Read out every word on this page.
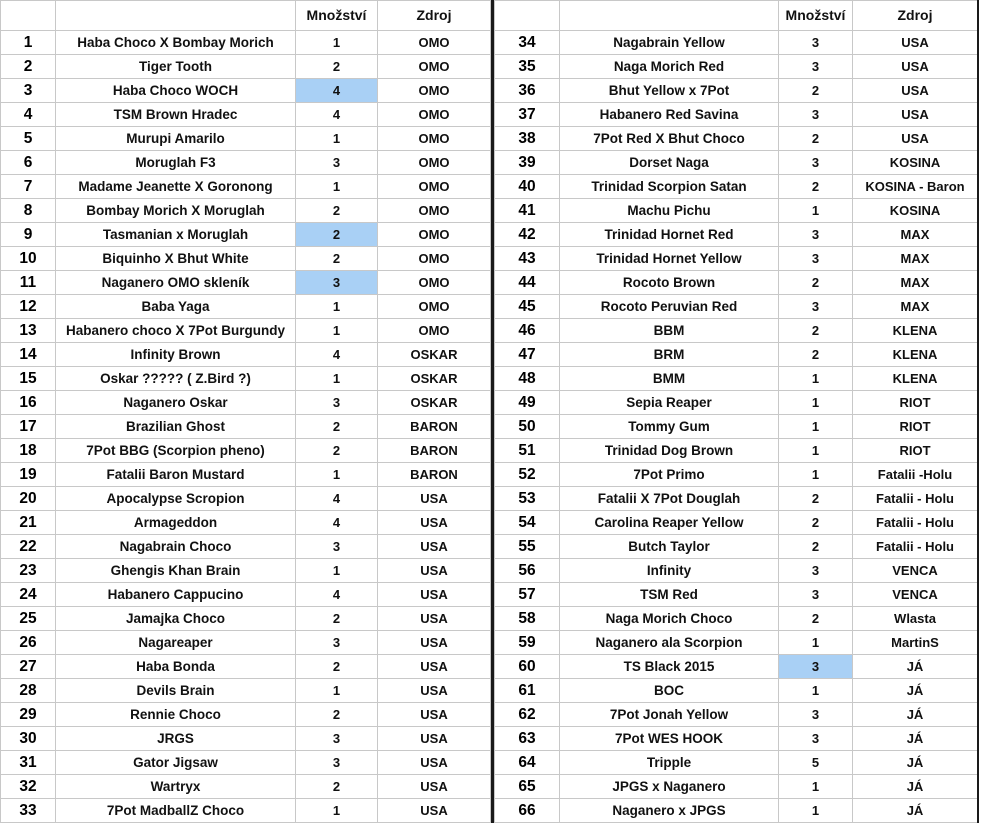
		Množství	Zdroj
1	Haba Choco X Bombay Morich	1	OMO
2	Tiger Tooth	2	OMO
3	Haba Choco WOCH	4	OMO
4	TSM Brown Hradec	4	OMO
5	Murupi Amarilo	1	OMO
6	Moruglah F3	3	OMO
7	Madame Jeanette X Goronong	1	OMO
8	Bombay Morich X Moruglah	2	OMO
9	Tasmanian x Moruglah	2	OMO
10	Biquinho X Bhut White	2	OMO
11	Naganero OMO skleník	3	OMO
12	Baba Yaga	1	OMO
13	Habanero choco X 7Pot Burgundy	1	OMO
14	Infinity Brown	4	OSKAR
15	Oskar ????? ( Z.Bird ?)	1	OSKAR
16	Naganero Oskar	3	OSKAR
17	Brazilian Ghost	2	BARON
18	7Pot BBG (Scorpion pheno)	2	BARON
19	Fatalii Baron Mustard	1	BARON
20	Apocalypse Scropion	4	USA
21	Armageddon	4	USA
22	Nagabrain Choco	3	USA
23	Ghengis Khan Brain	1	USA
24	Habanero Cappucino	4	USA
25	Jamajka Choco	2	USA
26	Nagareaper	3	USA
27	Haba Bonda	2	USA
28	Devils Brain	1	USA
29	Rennie Choco	2	USA
30	JRGS	3	USA
31	Gator Jigsaw	3	USA
32	Wartryx	2	USA
33	7Pot MadballZ Choco	1	USA
		Množství	Zdroj
34	Nagabrain Yellow	3	USA
35	Naga Morich Red	3	USA
36	Bhut Yellow x 7Pot	2	USA
37	Habanero Red Savina	3	USA
38	7Pot Red X Bhut Choco	2	USA
39	Dorset Naga	3	KOSINA
40	Trinidad Scorpion Satan	2	KOSINA - Baron
41	Machu Pichu	1	KOSINA
42	Trinidad Hornet Red	3	MAX
43	Trinidad Hornet Yellow	3	MAX
44	Rocoto Brown	2	MAX
45	Rocoto Peruvian Red	3	MAX
46	BBM	2	KLENA
47	BRM	2	KLENA
48	BMM	1	KLENA
49	Sepia Reaper	1	RIOT
50	Tommy Gum	1	RIOT
51	Trinidad Dog Brown	1	RIOT
52	7Pot Primo	1	Fatalii -Holu
53	Fatalii X 7Pot Douglah	2	Fatalii - Holu
54	Carolina Reaper Yellow	2	Fatalii - Holu
55	Butch Taylor	2	Fatalii - Holu
56	Infinity	3	VENCA
57	TSM Red	3	VENCA
58	Naga Morich Choco	2	Wlasta
59	Naganero ala Scorpion	1	MartinS
60	TS Black 2015	3	JÁ
61	BOC	1	JÁ
62	7Pot Jonah Yellow	3	JÁ
63	7Pot WES HOOK	3	JÁ
64	Tripple	5	JÁ
65	JPGS x Naganero	1	JÁ
66	Naganero x JPGS	1	JÁ
